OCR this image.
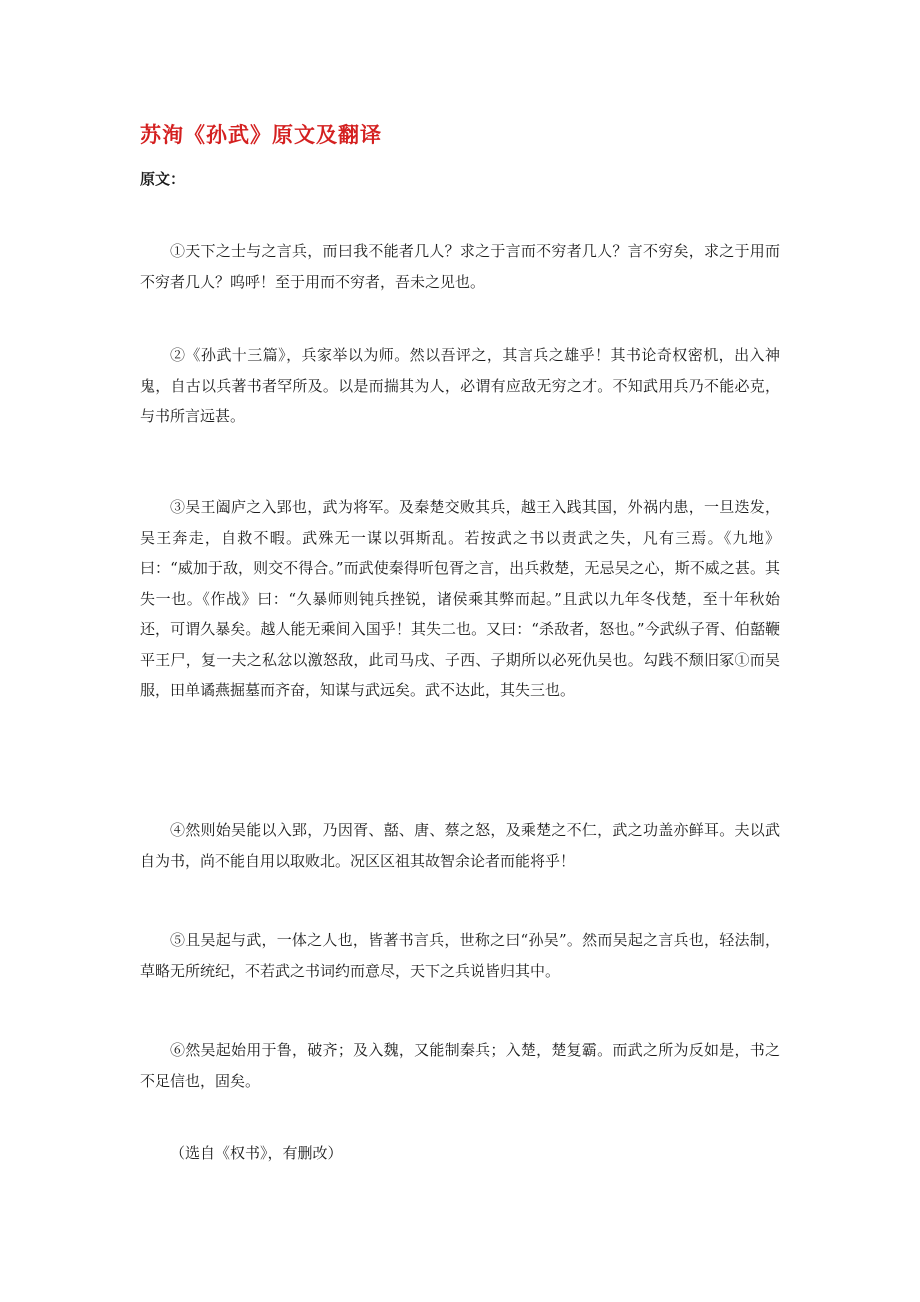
苏洵《孙武》原文及翻译
原文：

①天下之士与之言兵，而曰我不能者几人？求之于言而不穷者几人？言不穷矣，求之于用而不穷者几人？呜呼！至于用而不穷者，吾未之见也。

②《孙武十三篇》，兵家举以为师。然以吾评之，其言兵之雄乎！其书论奇权密机，出入神鬼，自古以兵著书者罕所及。以是而揣其为人，必谓有应敌无穷之才。不知武用兵乃不能必克，与书所言远甚。

③吴王阖庐之入郢也，武为将军。及秦楚交败其兵，越王入践其国，外祸内患，一旦迭发，吴王奔走，自救不暇。武殊无一谋以弭斯乱。若按武之书以责武之失，凡有三焉。《九地》曰：“威加于敌，则交不得合。”而武使秦得听包胥之言，出兵救楚，无忌吴之心，斯不威之甚。其失一也。《作战》曰：“久暴师则钝兵挫锐，诸侯乘其弊而起。”且武以九年冬伐楚，至十年秋始还，可谓久暴矣。越人能无乘间入国乎！其失二也。又曰：“杀敌者，怒也。”今武纵子胥、伯嚭鞭平王尸，复一夫之私忿以激怒敌，此司马戌、子西、子期所以必死仇吴也。勾践不颓旧冢①而吴服，田单谲燕掘墓而齐奋，知谋与武远矣。武不达此，其失三也。

④然则始吴能以入郢，乃因胥、嚭、唐、蔡之怒，及乘楚之不仁，武之功盖亦鲜耳。夫以武自为书，尚不能自用以取败北。况区区祖其故智余论者而能将乎！

⑤且吴起与武，一体之人也，皆著书言兵，世称之曰“孙吴”。然而吴起之言兵也，轻法制，草略无所统纪，不若武之书词约而意尽，天下之兵说皆归其中。

⑥然吴起始用于鲁，破齐；及入魏，又能制秦兵；入楚，楚复霸。而武之所为反如是，书之不足信也，固矣。

（选自《权书》，有删改）
